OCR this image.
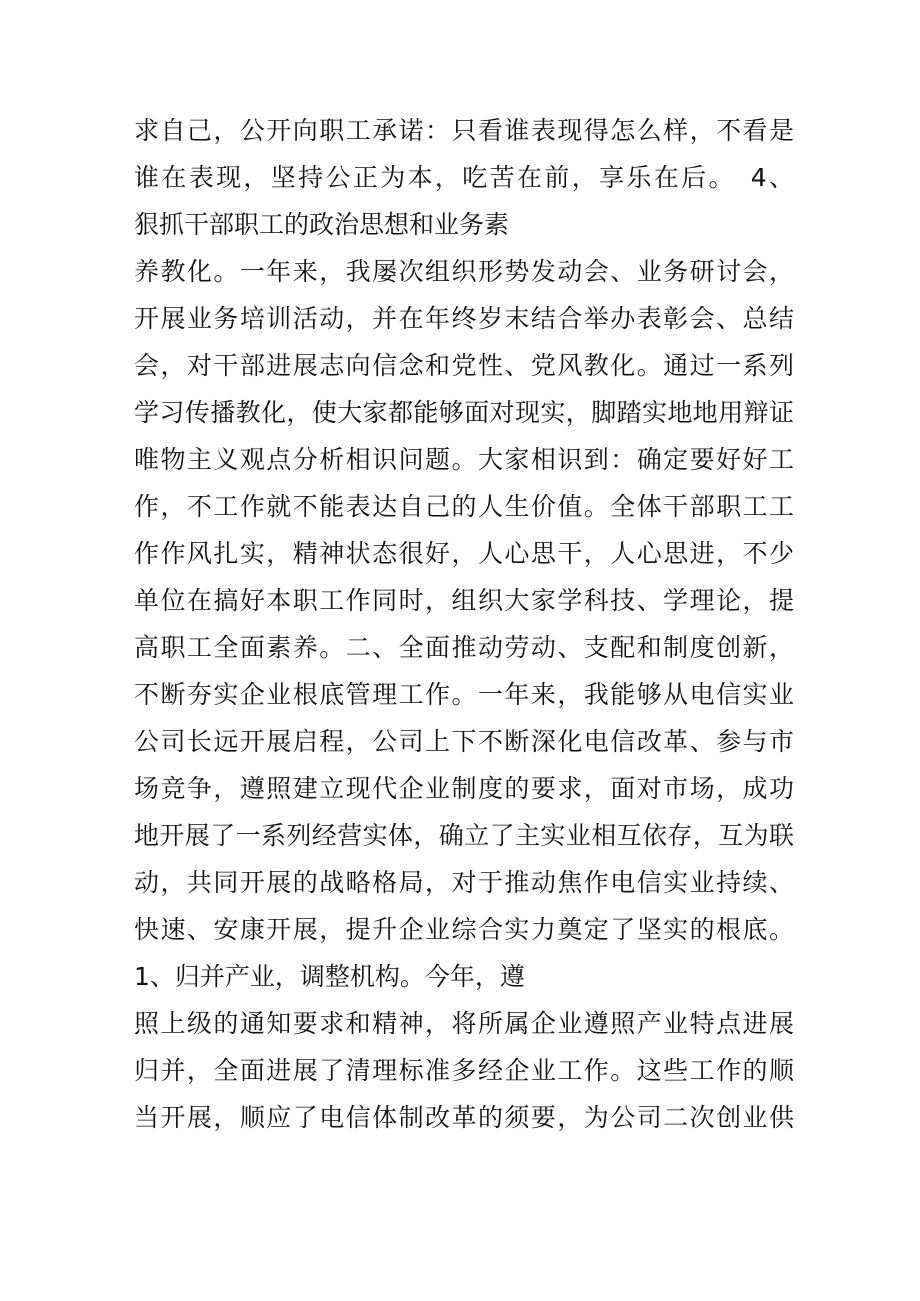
求自己，公开向职工承诺：只看谁表现得怎么样，不看是
谁在表现，坚持公正为本，吃苦在前，享乐在后。　4、
狠抓干部职工的政治思想和业务素
养教化。一年来，我屡次组织形势发动会、业务研讨会，
开展业务培训活动，并在年终岁末结合举办表彰会、总结
会，对干部进展志向信念和党性、党风教化。通过一系列
学习传播教化，使大家都能够面对现实，脚踏实地地用辩证
唯物主义观点分析相识问题。大家相识到：确定要好好工
作，不工作就不能表达自己的人生价值。全体干部职工工
作作风扎实，精神状态很好，人心思干，人心思进，不少
单位在搞好本职工作同时，组织大家学科技、学理论，提
高职工全面素养。二、全面推动劳动、支配和制度创新，
不断夯实企业根底管理工作。一年来，我能够从电信实业
公司长远开展启程，公司上下不断深化电信改革、参与市
场竞争，遵照建立现代企业制度的要求，面对市场，成功
地开展了一系列经营实体，确立了主实业相互依存，互为联
动，共同开展的战略格局，对于推动焦作电信实业持续、
快速、安康开展，提升企业综合实力奠定了坚实的根底。
1、归并产业，调整机构。今年，遵
照上级的通知要求和精神，将所属企业遵照产业特点进展
归并，全面进展了清理标准多经企业工作。这些工作的顺
当开展，顺应了电信体制改革的须要，为公司二次创业供
